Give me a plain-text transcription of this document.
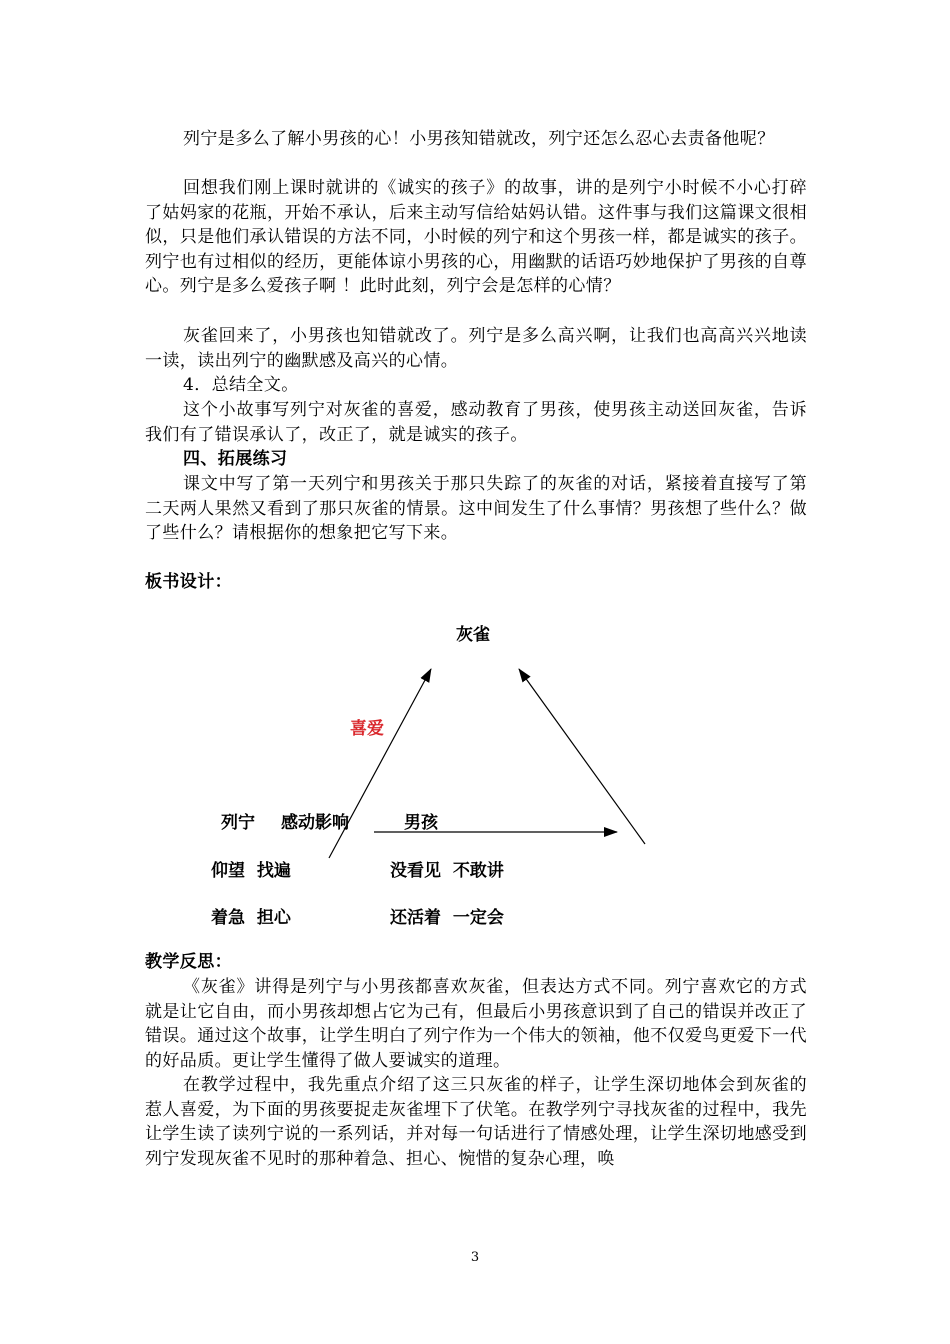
列宁是多么了解小男孩的心！小男孩知错就改，列宁还怎么忍心去责备他呢？
回想我们刚上课时就讲的《诚实的孩子》的故事，讲的是列宁小时候不小心打碎了姑妈家的花瓶，开始不承认，后来主动写信给姑妈认错。这件事与我们这篇课文很相似，只是他们承认错误的方法不同，小时候的列宁和这个男孩一样，都是诚实的孩子。 列宁也有过相似的经历，更能体谅小男孩的心，用幽默的话语巧妙地保护了男孩的自尊心。列宁是多么爱孩子啊 ！此时此刻，列宁会是怎样的心情？
灰雀回来了，小男孩也知错就改了。列宁是多么高兴啊，让我们也高高兴兴地读一读，读出列宁的幽默感及高兴的心情。
4．总结全文。
这个小故事写列宁对灰雀的喜爱，感动教育了男孩，使男孩主动送回灰雀，告诉我们有了错误承认了，改正了，就是诚实的孩子。
四、拓展练习
课文中写了第一天列宁和男孩关于那只失踪了的灰雀的对话，紧接着直接写了第二天两人果然又看到了那只灰雀的情景。这中间发生了什么事情？男孩想了些什么？做了些什么？请根据你的想象把它写下来。
板书设计：
灰雀
喜爱
列宁 感动影响	男孩
仰望  找遍	没看见  不敢讲
着急  担心	还活着  一定会
教学反思：
《灰雀》讲得是列宁与小男孩都喜欢灰雀，但表达方式不同。列宁喜欢它的方式就是让它自由，而小男孩却想占它为己有，但最后小男孩意识到了自己的错误并改正了错误。通过这个故事，让学生明白了列宁作为一个伟大的领袖，他不仅爱鸟更爱下一代的好品质。更让学生懂得了做人要诚实的道理。
在教学过程中，我先重点介绍了这三只灰雀的样子，让学生深切地体会到灰雀的惹人喜爱，为下面的男孩要捉走灰雀埋下了伏笔。在教学列宁寻找灰雀的过程中，我先让学生读了读列宁说的一系列话，并对每一句话进行了情感处理，让学生深切地感受到列宁发现灰雀不见时的那种着急、担心、惋惜的复杂心理，唤
3
